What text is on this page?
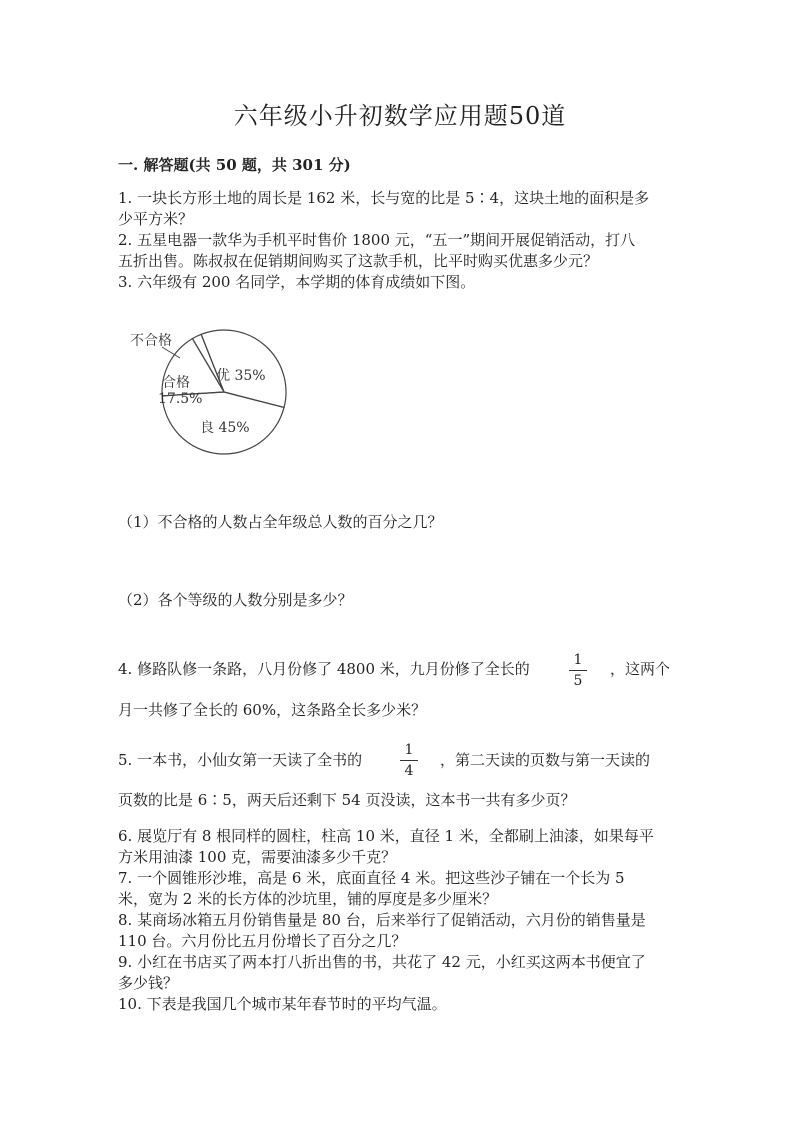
六年级小升初数学应用题50道
一. 解答题(共 50 题，共 301 分)
1. 一块长方形土地的周长是 162 米，长与宽的比是 5∶4，这块土地的面积是多
少平方米？
2. 五星电器一款华为手机平时售价 1800 元，“五一”期间开展促销活动，打八
五折出售。陈叔叔在促销期间购买了这款手机，比平时购买优惠多少元？
3. 六年级有 200 名同学，本学期的体育成绩如下图。
不合格
优 35%
良 45%
合格
17.5%
（1）不合格的人数占全年级总人数的百分之几？
（2）各个等级的人数分别是多少？
4. 修路队修一条路，八月份修了 4800 米，九月份修了全长的	1
5
，这两个
月一共修了全长的 60%，这条路全长多少米？
5. 一本书，小仙女第一天读了全书的
1
4
，第二天读的页数与第一天读的
页数的比是 6∶5，两天后还剩下 54 页没读，这本书一共有多少页？
6. 展览厅有 8 根同样的圆柱，柱高 10 米，直径 1 米，全都刷上油漆，如果每平
方米用油漆 100 克，需要油漆多少千克？
7. 一个圆锥形沙堆，高是 6 米，底面直径 4 米。把这些沙子铺在一个长为 5
米，宽为 2 米的长方体的沙坑里，铺的厚度是多少厘米？
8. 某商场冰箱五月份销售量是 80 台，后来举行了促销活动，六月份的销售量是
110 台。六月份比五月份增长了百分之几？
9. 小红在书店买了两本打八折出售的书，共花了 42 元，小红买这两本书便宜了
多少钱？
10. 下表是我国几个城市某年春节时的平均气温。
